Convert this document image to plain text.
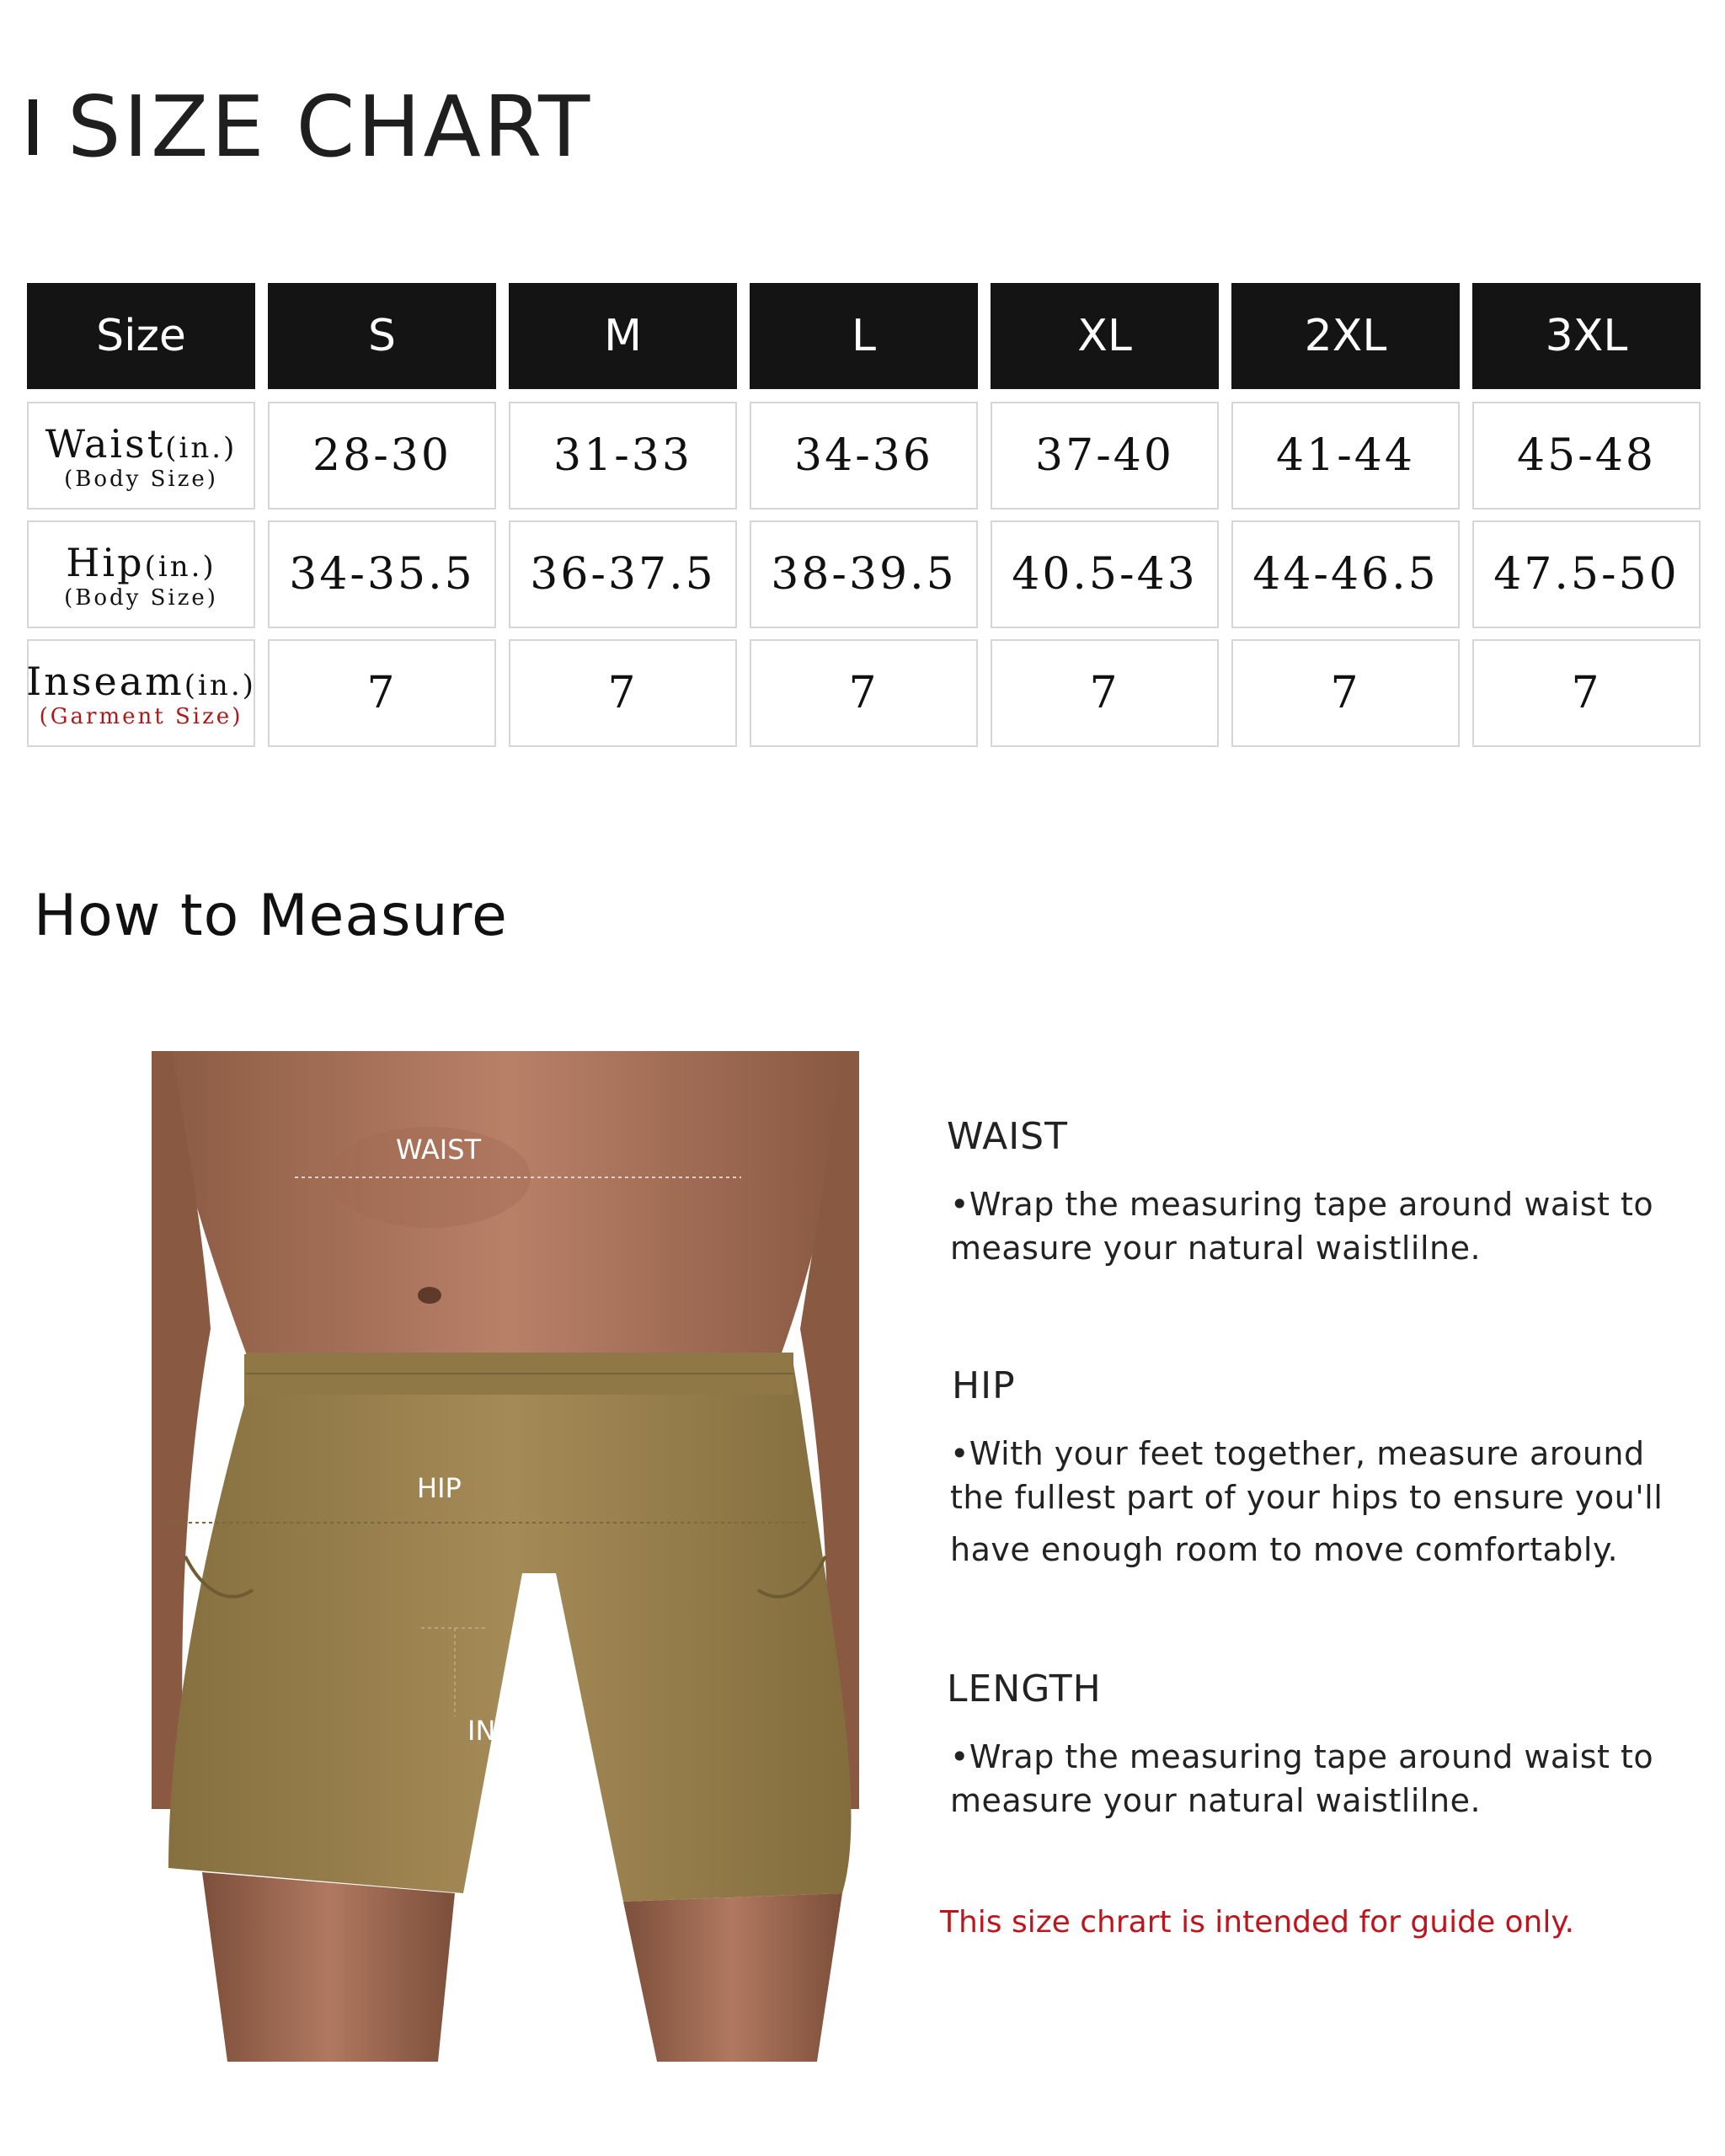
SIZE CHART
Size	S	M	L	XL	2XL	3XL
Waist(in.)
(Body Size)	28-30	31-33	34-36	37-40	41-44	45-48
Hip(in.)
(Body Size)	34-35.5	36-37.5	38-39.5	40.5-43	44-46.5	47.5-50
Inseam(in.)
(Garment Size)	7	7	7	7	7	7
How to Measure
WAIST
HIP
INSEAM
WAIST
•Wrap the measuring tape around waist to
measure your natural waistlilne.
HIP
•With your feet together, measure around
the fullest part of your hips to ensure you'll
have enough room to move comfortably.
LENGTH
•Wrap the measuring tape around waist to
measure your natural waistlilne.
This size chrart is intended for guide only.
